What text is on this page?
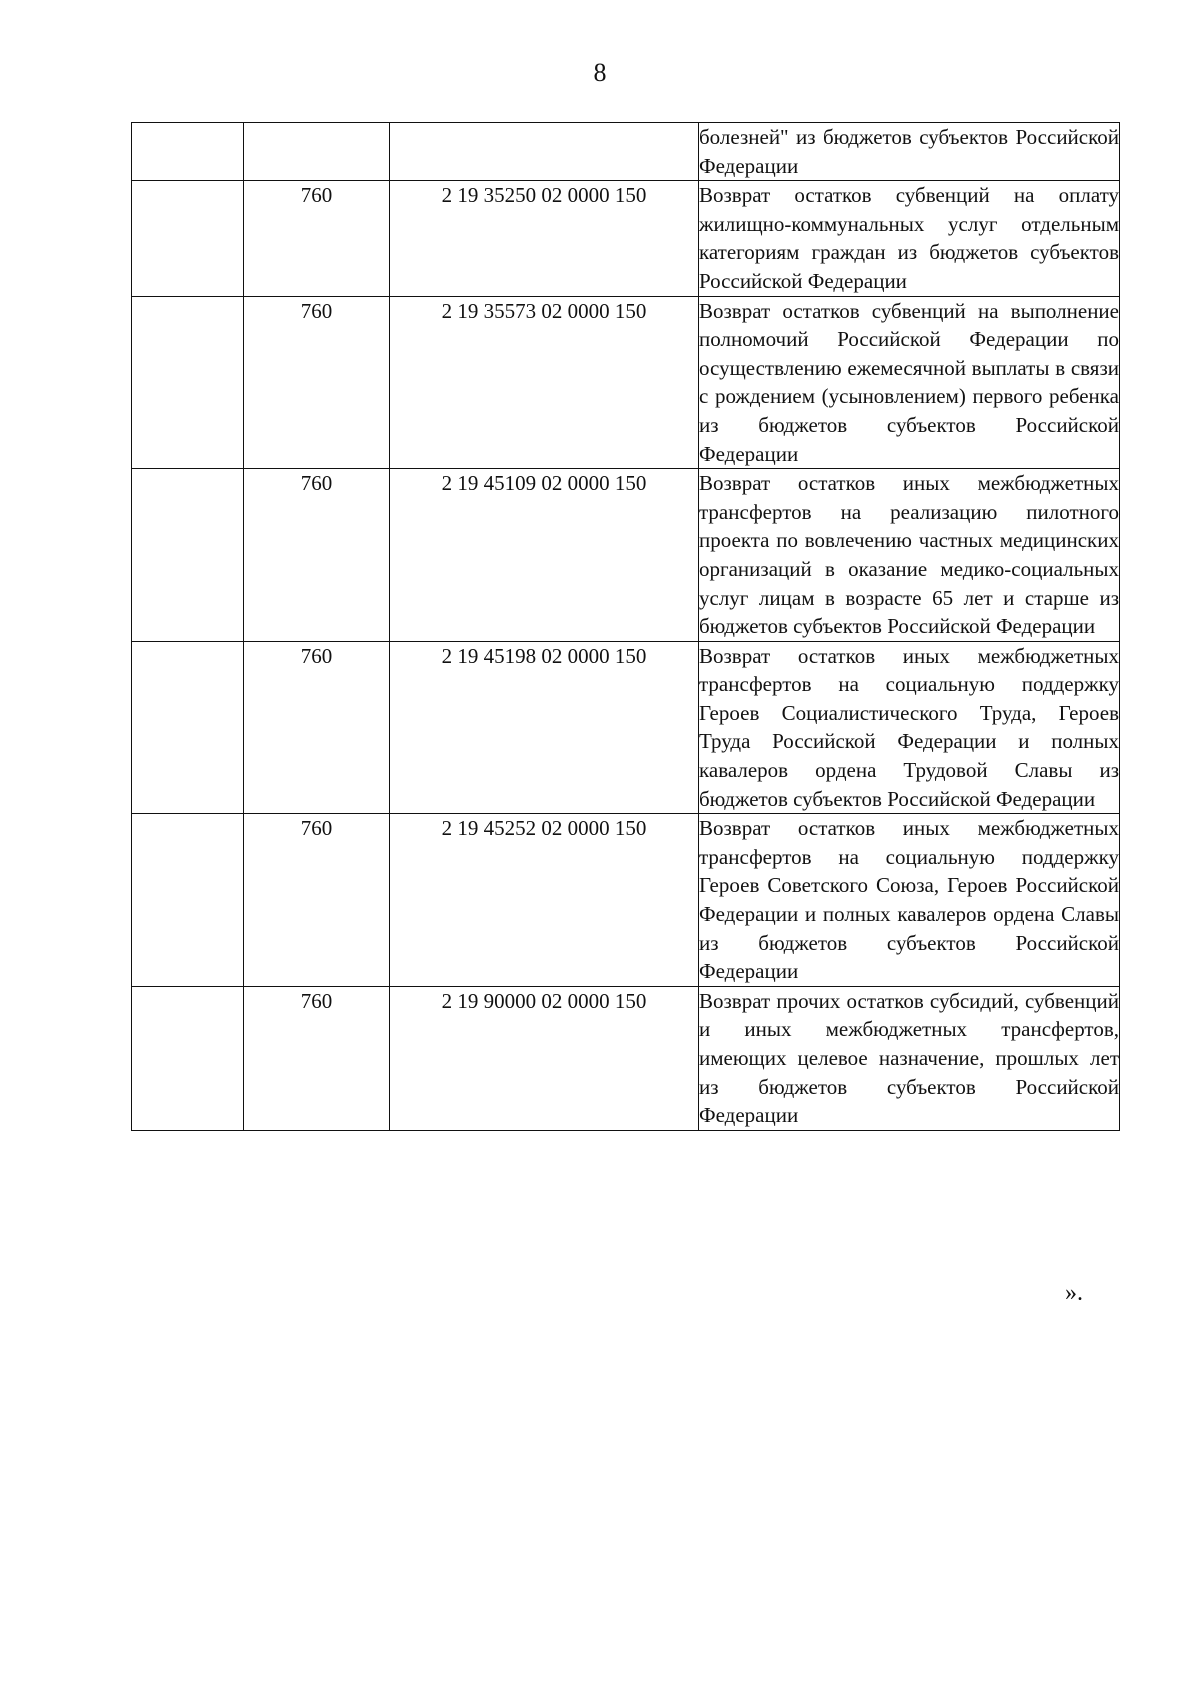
8
			болезней" из бюджетов субъектов Российской Федерации
	760	2 19 35250 02 0000 150	Возврат остатков субвенций на оплату жилищно-коммунальных услуг отдельным категориям граждан из бюджетов субъектов Российской Федерации
	760	2 19 35573 02 0000 150	Возврат остатков субвенций на выполнение полномочий Российской Федерации по осуществлению ежемесячной выплаты в связи с рождением (усыновлением) первого ребенка из бюджетов субъектов Российской Федерации
	760	2 19 45109 02 0000 150	Возврат остатков иных межбюджетных трансфертов на реализацию пилотного проекта по вовлечению частных медицинских организаций в оказание медико-социальных услуг лицам в возрасте 65 лет и старше из бюджетов субъектов Российской Федерации
	760	2 19 45198 02 0000 150	Возврат остатков иных межбюджетных трансфертов на социальную поддержку Героев Социалистического Труда, Героев Труда Российской Федерации и полных кавалеров ордена Трудовой Славы из бюджетов субъектов Российской Федерации
	760	2 19 45252 02 0000 150	Возврат остатков иных межбюджетных трансфертов на социальную поддержку Героев Советского Союза, Героев Российской Федерации и полных кавалеров ордена Славы из бюджетов субъектов Российской Федерации
	760	2 19 90000 02 0000 150	Возврат прочих остатков субсидий, субвенций и иных межбюджетных трансфертов, имеющих целевое назначение, прошлых лет из бюджетов субъектов Российской Федерации
».
